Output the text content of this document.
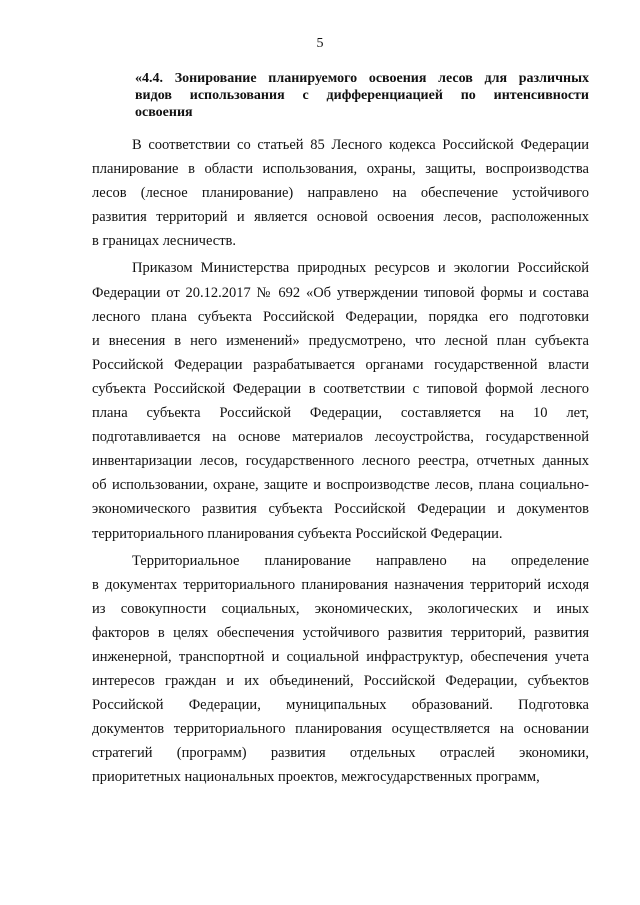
5
«4.4. Зонирование планируемого освоения лесов для различных
видов использования с дифференциацией по интенсивности
освоения

В соответствии со статьей 85 Лесного кодекса Российской Федерации
планирование в области использования, охраны, защиты, воспроизводства
лесов (лесное планирование) направлено на обеспечение устойчивого
развития территорий и является основой освоения лесов, расположенных
в границах лесничеств.

Приказом Министерства природных ресурсов и экологии Российской
Федерации от 20.12.2017 № 692 «Об утверждении типовой формы и состава
лесного плана субъекта Российской Федерации, порядка его подготовки
и внесения в него изменений» предусмотрено, что лесной план субъекта
Российской Федерации разрабатывается органами государственной власти
субъекта Российской Федерации в соответствии с типовой формой лесного
плана субъекта Российской Федерации, составляется на 10 лет,
подготавливается на основе материалов лесоустройства, государственной
инвентаризации лесов, государственного лесного реестра, отчетных данных
об использовании, охране, защите и воспроизводстве лесов, плана социально-
экономического развития субъекта Российской Федерации и документов
территориального планирования субъекта Российской Федерации.

Территориальное планирование направлено на определение
в документах территориального планирования назначения территорий исходя
из совокупности социальных, экономических, экологических и иных
факторов в целях обеспечения устойчивого развития территорий, развития
инженерной, транспортной и социальной инфраструктур, обеспечения учета
интересов граждан и их объединений, Российской Федерации, субъектов
Российской Федерации, муниципальных образований. Подготовка
документов территориального планирования осуществляется на основании
стратегий (программ) развития отдельных отраслей экономики,
приоритетных национальных проектов, межгосударственных программ,
